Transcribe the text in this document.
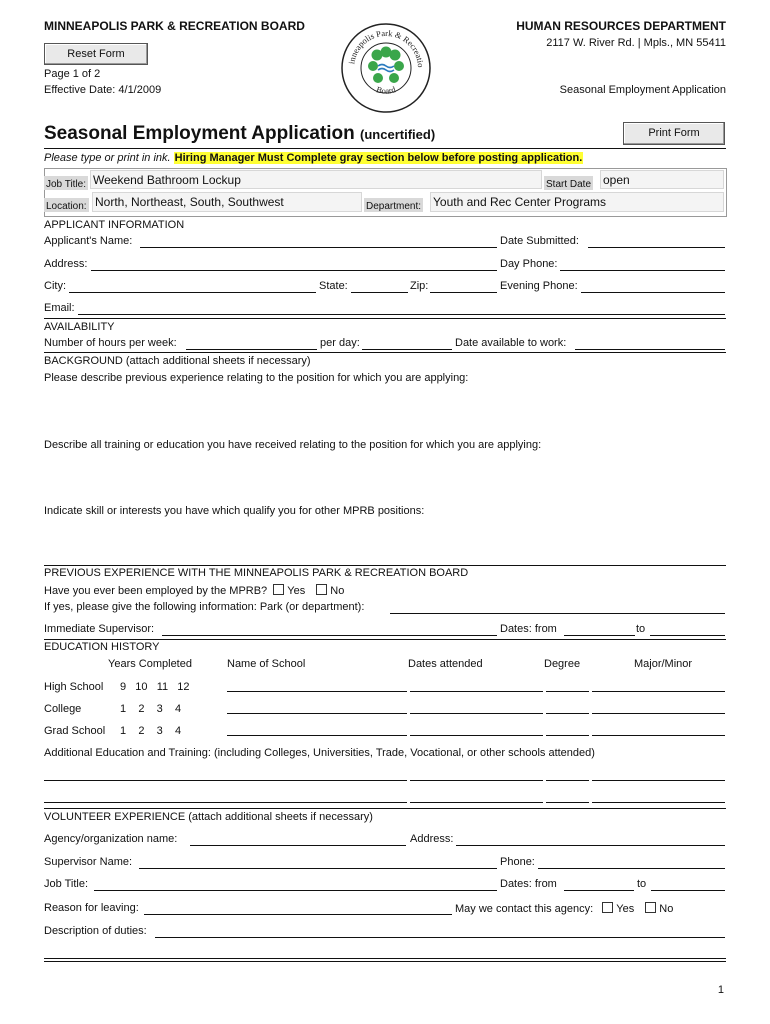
MINNEAPOLIS PARK & RECREATION BOARD	HUMAN RESOURCES DEPARTMENT
2117 W. River Rd. | Mpls., MN 55411
Reset Form
Page 1 of 2
Effective Date: 4/1/2009	Seasonal Employment Application
inneapolis Park & Recreatio
Board
Seasonal Employment Application (uncertified)	Print Form
Please type or print in ink. Hiring Manager Must Complete gray section below before posting application.
Job Title: Weekend Bathroom Lockup	Start Date open
Location: North, Northeast, South, Southwest	Department: Youth and Rec Center Programs
APPLICANT INFORMATION
Applicant's Name:	Date Submitted:
Address:	Day Phone:
City:	State:	Zip:	Evening Phone:
Email:
AVAILABILITY
Number of hours per week:	per day:	Date available to work:
BACKGROUND (attach additional sheets if necessary)
Please describe previous experience relating to the position for which you are applying:
Describe all training or education you have received relating to the position for which you are applying:
Indicate skill or interests you have which qualify you for other MPRB positions:
PREVIOUS EXPERIENCE WITH THE MINNEAPOLIS PARK & RECREATION BOARD
Have you ever been employed by the MPRB? Yes No
If yes, please give the following information: Park (or department):
Immediate Supervisor:	Dates: from	to
EDUCATION HISTORY
Years Completed	Name of School	Dates attended	Degree	Major/Minor
High School 9   10   11   12
College	1    2    3    4
Grad School 1    2    3    4
Additional Education and Training: (including Colleges, Universities, Trade, Vocational, or other schools attended)
VOLUNTEER EXPERIENCE (attach additional sheets if necessary)
Agency/organization name:	Address:
Supervisor Name:	Phone:
Job Title:	Dates: from	to
Reason for leaving:	May we contact this agency: Yes No
Description of duties:
1
